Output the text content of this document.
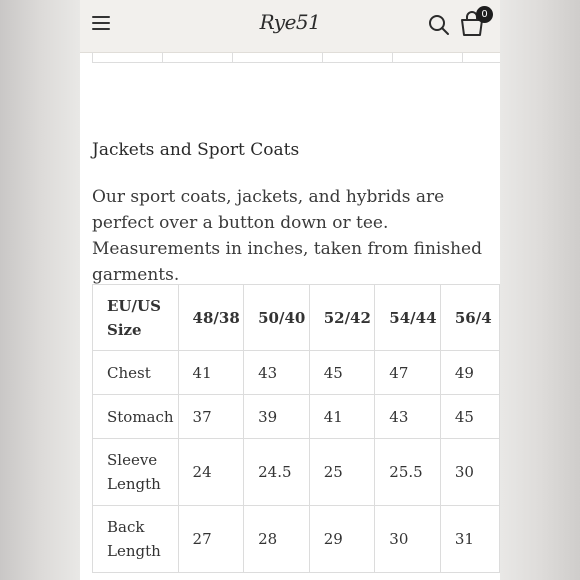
Rye51	0
Jackets and Sport Coats

Our sport coats, jackets, and hybrids are perfect over a button down or tee. Measurements in inches, taken from finished garments.

EU/US Size	48/38	50/40	52/42	54/44	56/4
Chest	41	43	45	47	49
Stomach	37	39	41	43	45
Sleeve Length	24	24.5	25	25.5	30
Back Length	27	28	29	30	31
